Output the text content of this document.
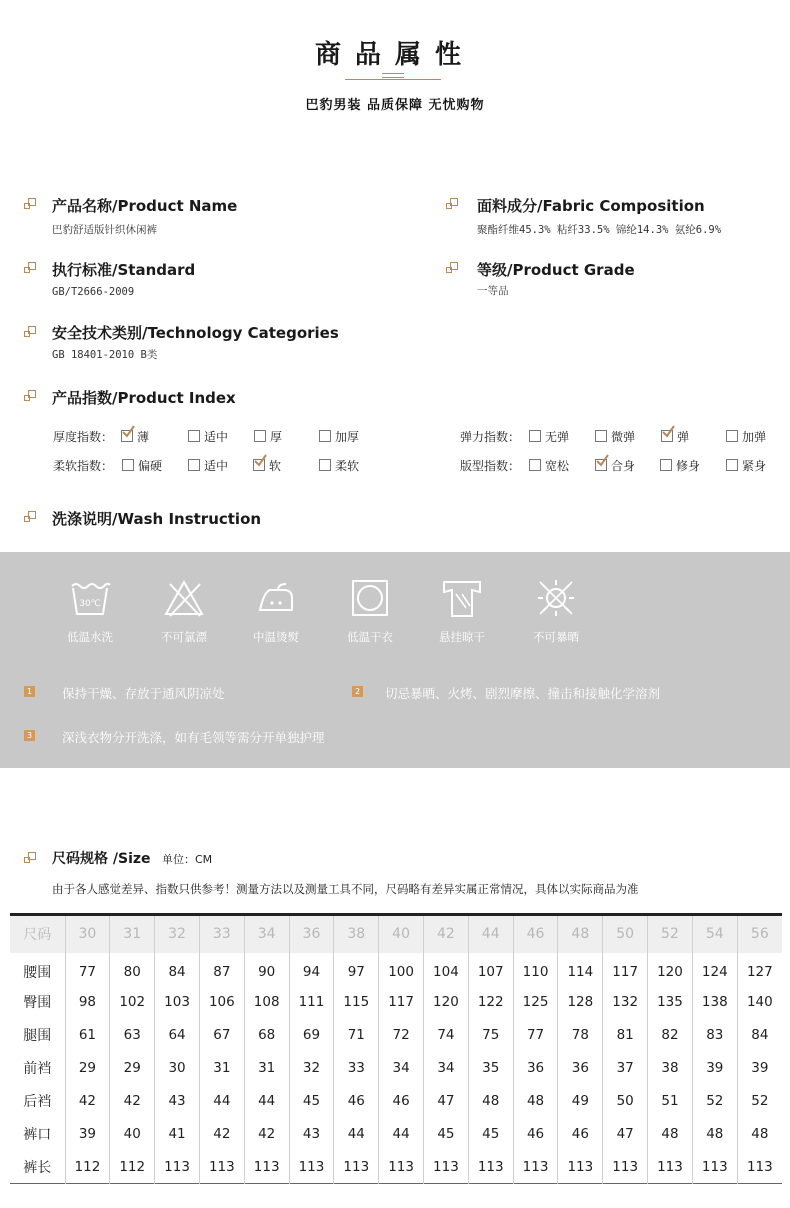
商品属性
巴豹男装 品质保障 无忧购物
产品名称/Product Name
巴豹舒适版针织休闲裤
面料成分/Fabric Composition
聚酯纤维45.3% 粘纤33.5% 锦纶14.3% 氨纶6.9%
执行标准/Standard
GB/T2666-2009
等级/Product Grade
一等品
安全技术类别/Technology Categories
GB 18401-2010 B类
产品指数/Product Index
厚度指数：	薄	适中	厚	加厚	弹力指数：	无弹	微弹	弹	加弹
柔软指数：	偏硬	适中	软	柔软	版型指数：	宽松	合身	修身	紧身
洗涤说明/Wash Instruction
30℃
低温水洗	不可氯漂	中温烫熨	低温干衣	悬挂晾干	不可暴晒
1 保持干燥、存放于通风阴凉处	2 切忌暴晒、火烤、剧烈摩擦、撞击和接触化学溶剂
3 深浅衣物分开洗涤，如有毛领等需分开单独护理
尺码规格 /Size 单位：CM
由于各人感觉差异、指数只供参考！测量方法以及测量工具不同，尺码略有差异实属正常情况，具体以实际商品为准
尺码	30	31	32	33	34	36	38	40	42	44	46	48	50	52	54	56
腰围	77	80	84	87	90	94	97	100	104	107	110	114	117	120	124	127
臀围	98	102	103	106	108	111	115	117	120	122	125	128	132	135	138	140
腿围	61	63	64	67	68	69	71	72	74	75	77	78	81	82	83	84
前裆	29	29	30	31	31	32	33	34	34	35	36	36	37	38	39	39
后裆	42	42	43	44	44	45	46	46	47	48	48	49	50	51	52	52
裤口	39	40	41	42	42	43	44	44	45	45	46	46	47	48	48	48
裤长	112	112	113	113	113	113	113	113	113	113	113	113	113	113	113	113
